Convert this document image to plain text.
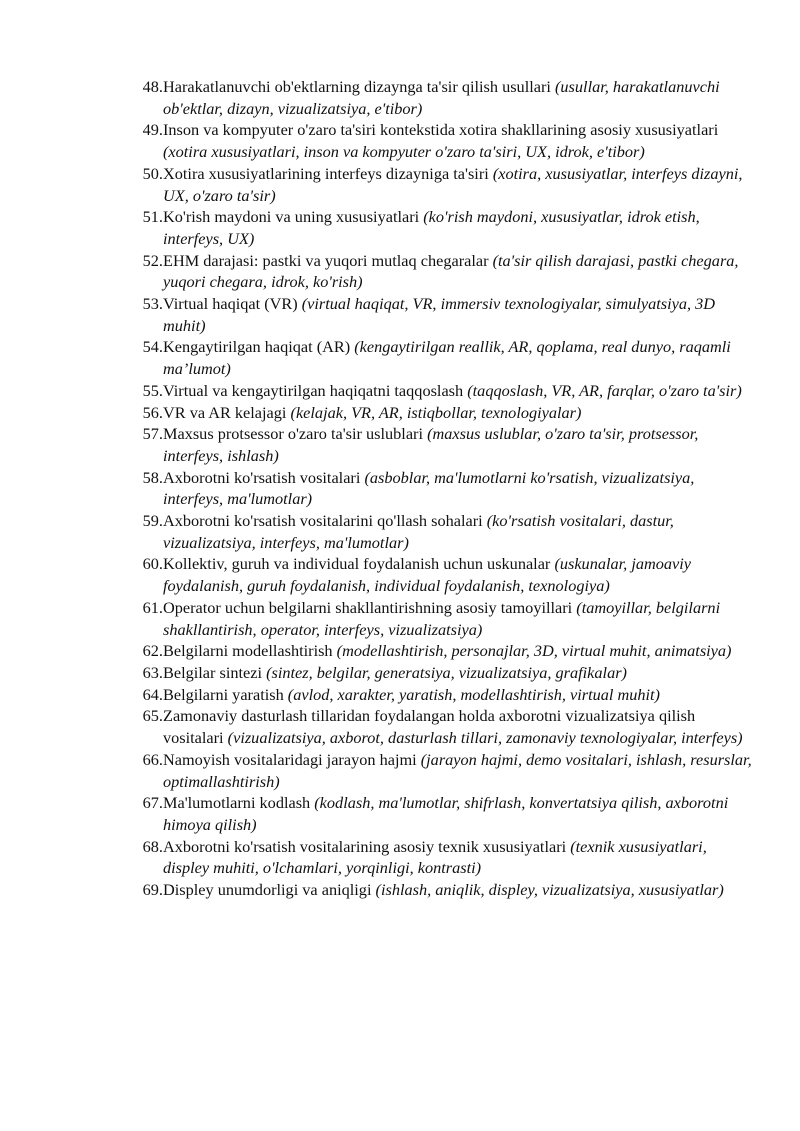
48. Harakatlanuvchi ob'ektlarning dizaynga ta'sir qilish usullari (usullar, harakatlanuvchi ob'ektlar, dizayn, vizualizatsiya, e'tibor)
49. Inson va kompyuter o'zaro ta'siri kontekstida xotira shakllarining asosiy xususiyatlari (xotira xususiyatlari, inson va kompyuter o'zaro ta'siri, UX, idrok, e'tibor)
50. Xotira xususiyatlarining interfeys dizayniga ta'siri (xotira, xususiyatlar, interfeys dizayni, UX, o'zaro ta'sir)
51. Ko'rish maydoni va uning xususiyatlari (ko'rish maydoni, xususiyatlar, idrok etish, interfeys, UX)
52. EHM darajasi: pastki va yuqori mutlaq chegaralar (ta'sir qilish darajasi, pastki chegara, yuqori chegara, idrok, ko'rish)
53. Virtual haqiqat (VR) (virtual haqiqat, VR, immersiv texnologiyalar, simulyatsiya, 3D muhit)
54. Kengaytirilgan haqiqat (AR) (kengaytirilgan reallik, AR, qoplama, real dunyo, raqamli ma’lumot)
55. Virtual va kengaytirilgan haqiqatni taqqoslash (taqqoslash, VR, AR, farqlar, o'zaro ta'sir)
56. VR va AR kelajagi (kelajak, VR, AR, istiqbollar, texnologiyalar)
57. Maxsus protsessor o'zaro ta'sir uslublari (maxsus uslublar, o'zaro ta'sir, protsessor, interfeys, ishlash)
58. Axborotni ko'rsatish vositalari (asboblar, ma'lumotlarni ko'rsatish, vizualizatsiya, interfeys, ma'lumotlar)
59. Axborotni ko'rsatish vositalarini qo'llash sohalari (ko'rsatish vositalari, dastur, vizualizatsiya, interfeys, ma'lumotlar)
60. Kollektiv, guruh va individual foydalanish uchun uskunalar (uskunalar, jamoaviy foydalanish, guruh foydalanish, individual foydalanish, texnologiya)
61. Operator uchun belgilarni shakllantirishning asosiy tamoyillari (tamoyillar, belgilarni shakllantirish, operator, interfeys, vizualizatsiya)
62. Belgilarni modellashtirish (modellashtirish, personajlar, 3D, virtual muhit, animatsiya)
63. Belgilar sintezi (sintez, belgilar, generatsiya, vizualizatsiya, grafikalar)
64. Belgilarni yaratish (avlod, xarakter, yaratish, modellashtirish, virtual muhit)
65. Zamonaviy dasturlash tillaridan foydalangan holda axborotni vizualizatsiya qilish vositalari (vizualizatsiya, axborot, dasturlash tillari, zamonaviy texnologiyalar, interfeys)
66. Namoyish vositalaridagi jarayon hajmi (jarayon hajmi, demo vositalari, ishlash, resurslar, optimallashtirish)
67. Ma'lumotlarni kodlash (kodlash, ma'lumotlar, shifrlash, konvertatsiya qilish, axborotni himoya qilish)
68. Axborotni ko'rsatish vositalarining asosiy texnik xususiyatlari (texnik xususiyatlari, displey muhiti, o'lchamlari, yorqinligi, kontrasti)
69. Displey unumdorligi va aniqligi (ishlash, aniqlik, displey, vizualizatsiya, xususiyatlar)
